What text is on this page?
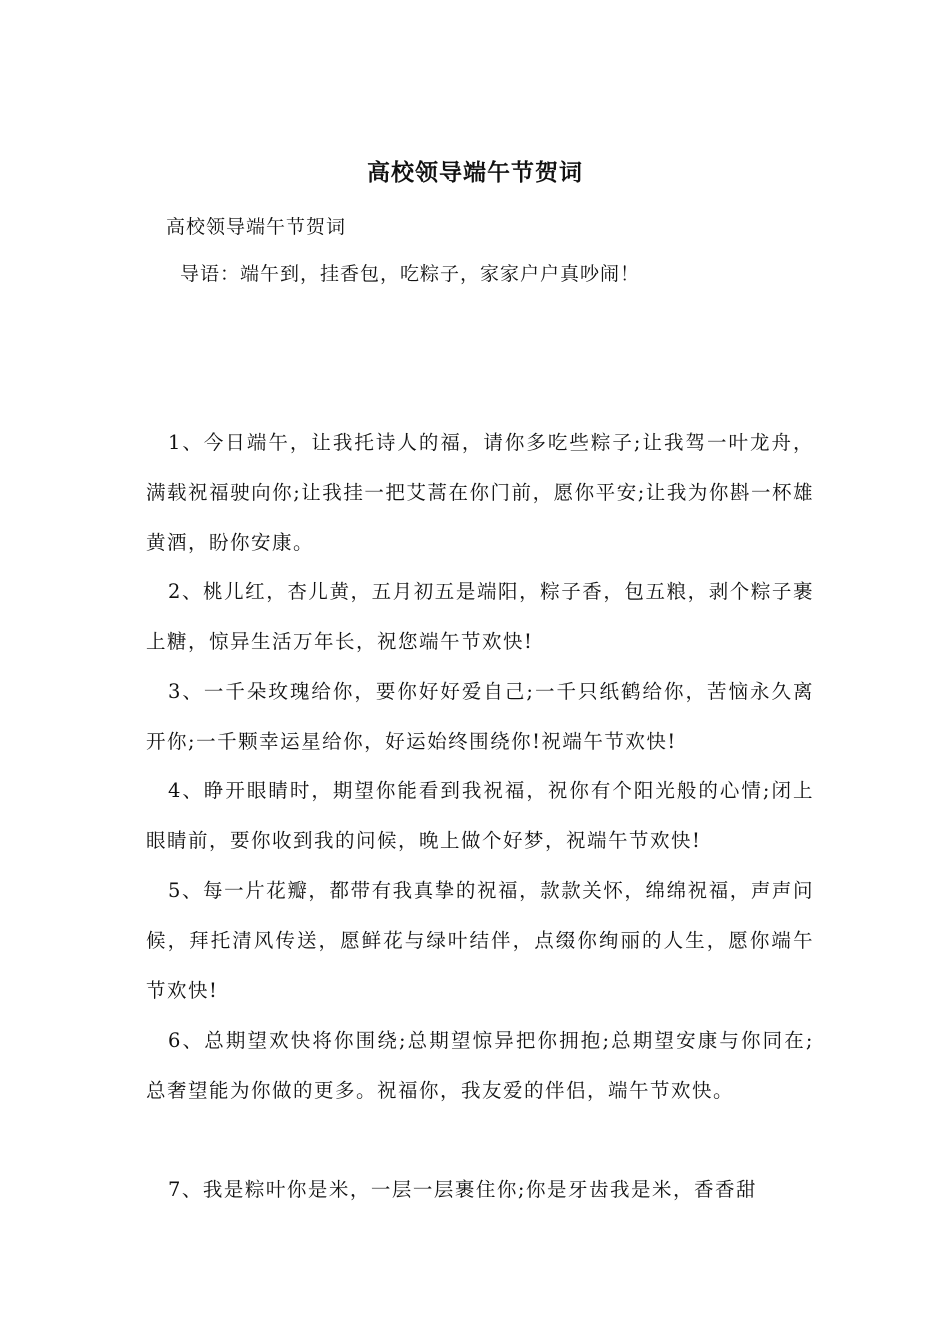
高校领导端午节贺词
高校领导端午节贺词
导语：端午到，挂香包，吃粽子，家家户户真吵闹！

1、今日端午，让我托诗人的福，请你多吃些粽子;让我驾一叶龙舟，满载祝福驶向你;让我挂一把艾蒿在你门前，愿你平安;让我为你斟一杯雄黄酒，盼你安康。

2、桃儿红，杏儿黄，五月初五是端阳，粽子香，包五粮，剥个粽子裹上糖，惊异生活万年长，祝您端午节欢快!

3、一千朵玫瑰给你，要你好好爱自己;一千只纸鹤给你，苦恼永久离开你;一千颗幸运星给你，好运始终围绕你!祝端午节欢快!

4、睁开眼睛时，期望你能看到我祝福，祝你有个阳光般的心情;闭上眼睛前，要你收到我的问候，晚上做个好梦，祝端午节欢快!

5、每一片花瓣，都带有我真挚的祝福，款款关怀，绵绵祝福，声声问候，拜托清风传送，愿鲜花与绿叶结伴，点缀你绚丽的人生，愿你端午节欢快!

6、总期望欢快将你围绕;总期望惊异把你拥抱;总期望安康与你同在;总奢望能为你做的更多。祝福你，我友爱的伴侣，端午节欢快。

7、我是粽叶你是米，一层一层裹住你;你是牙齿我是米，香香甜
